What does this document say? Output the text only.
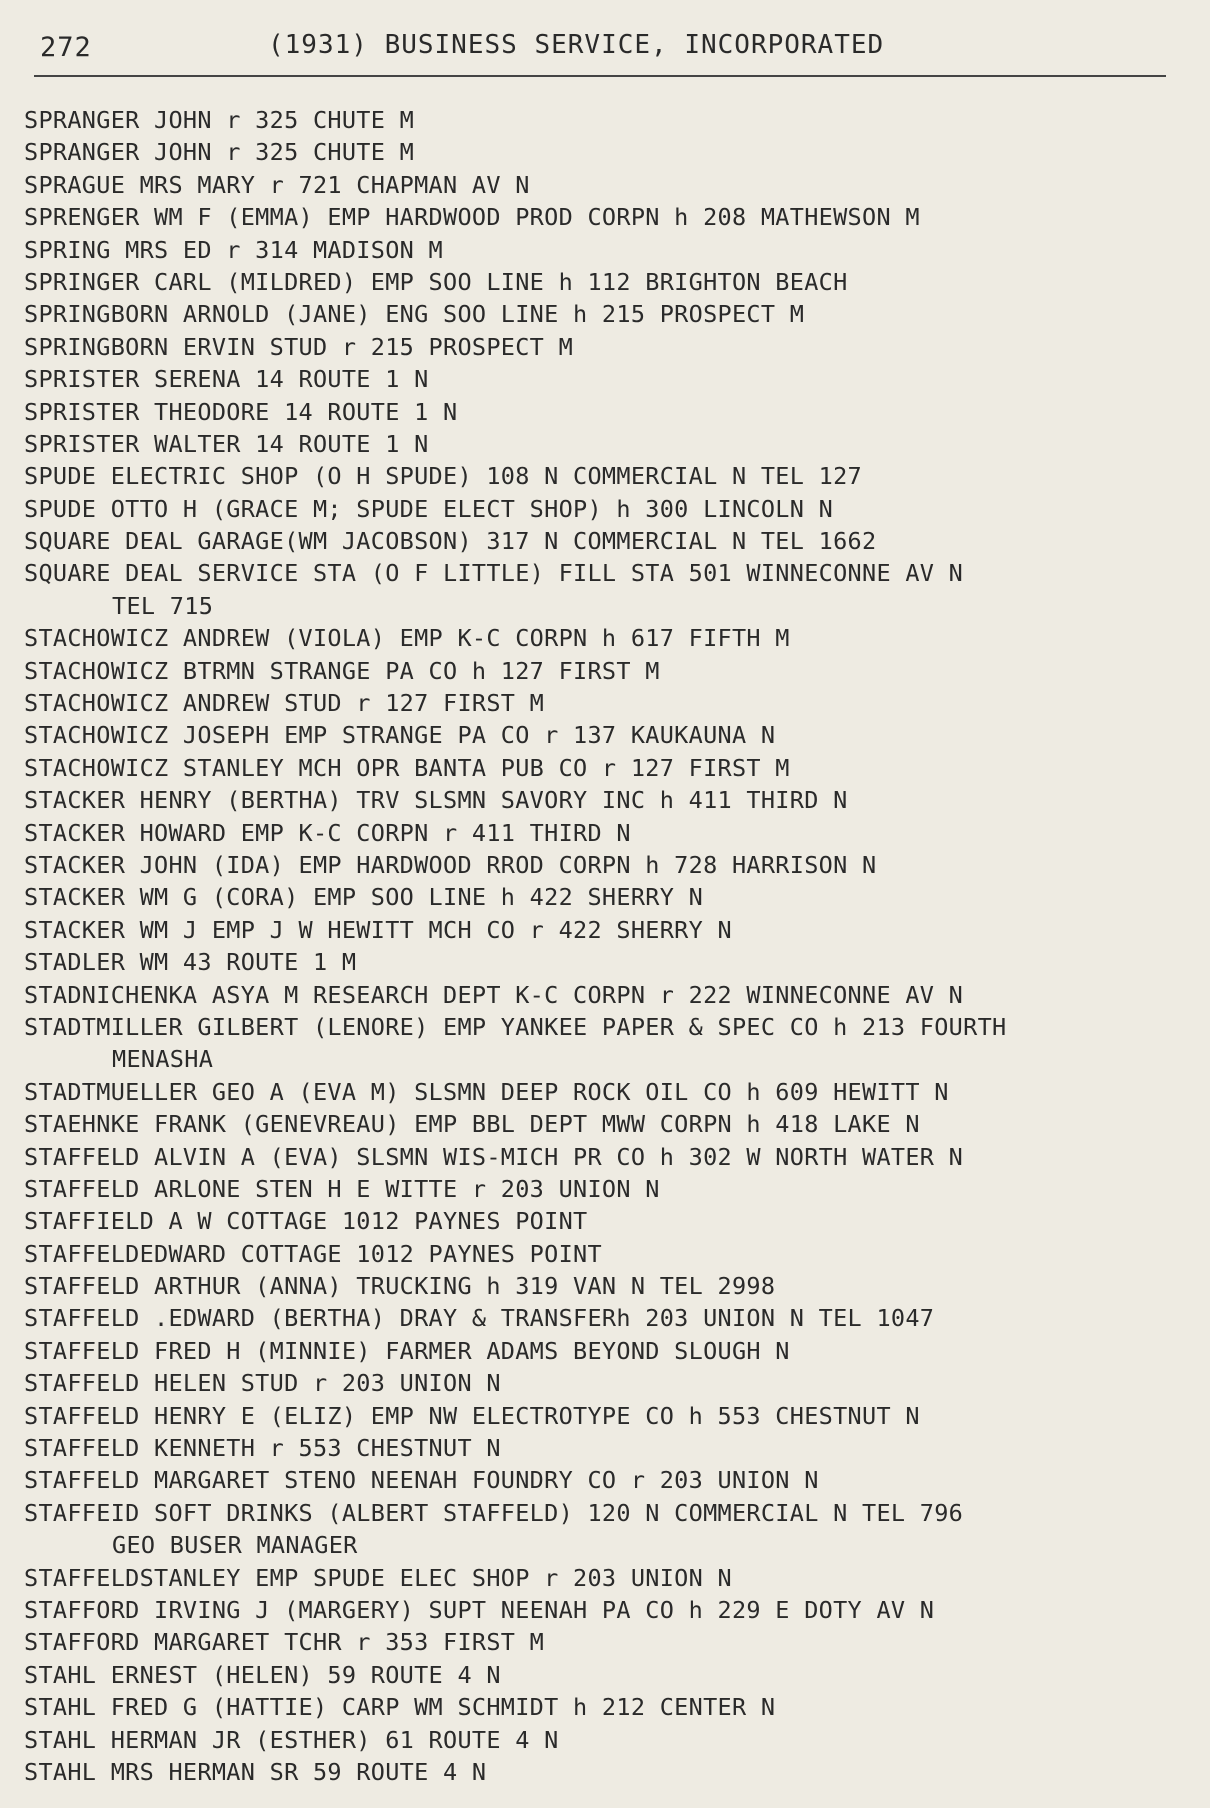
272	(1931) BUSINESS SERVICE, INCORPORATED
SPRANGER JOHN r 325 CHUTE M
SPRANGER JOHN r 325 CHUTE M
SPRAGUE MRS MARY r 721 CHAPMAN AV N
SPRENGER WM F (EMMA) EMP HARDWOOD PROD CORPN h 208 MATHEWSON M
SPRING MRS ED r 314 MADISON M
SPRINGER CARL (MILDRED) EMP SOO LINE h 112 BRIGHTON BEACH
SPRINGBORN ARNOLD (JANE) ENG SOO LINE h 215 PROSPECT M
SPRINGBORN ERVIN STUD r 215 PROSPECT M
SPRISTER SERENA 14 ROUTE 1 N
SPRISTER THEODORE 14 ROUTE 1 N
SPRISTER WALTER 14 ROUTE 1 N
SPUDE ELECTRIC SHOP (O H SPUDE) 108 N COMMERCIAL N TEL 127
SPUDE OTTO H (GRACE M; SPUDE ELECT SHOP) h 300 LINCOLN N
SQUARE DEAL GARAGE(WM JACOBSON) 317 N COMMERCIAL N TEL 1662
SQUARE DEAL SERVICE STA (O F LITTLE) FILL STA 501 WINNECONNE AV N
TEL 715
STACHOWICZ ANDREW (VIOLA) EMP K-C CORPN h 617 FIFTH M
STACHOWICZ BTRMN STRANGE PA CO h 127 FIRST M
STACHOWICZ ANDREW STUD r 127 FIRST M
STACHOWICZ JOSEPH EMP STRANGE PA CO r 137 KAUKAUNA N
STACHOWICZ STANLEY MCH OPR BANTA PUB CO r 127 FIRST M
STACKER HENRY (BERTHA) TRV SLSMN SAVORY INC h 411 THIRD N
STACKER HOWARD EMP K-C CORPN r 411 THIRD N
STACKER JOHN (IDA) EMP HARDWOOD RROD CORPN h 728 HARRISON N
STACKER WM G (CORA) EMP SOO LINE h 422 SHERRY N
STACKER WM J EMP J W HEWITT MCH CO r 422 SHERRY N
STADLER WM 43 ROUTE 1 M
STADNICHENKA ASYA M RESEARCH DEPT K-C CORPN r 222 WINNECONNE AV N
STADTMILLER GILBERT (LENORE) EMP YANKEE PAPER & SPEC CO h 213 FOURTH
MENASHA
STADTMUELLER GEO A (EVA M) SLSMN DEEP ROCK OIL CO h 609 HEWITT N
STAEHNKE FRANK (GENEVREAU) EMP BBL DEPT MWW CORPN h 418 LAKE N
STAFFELD ALVIN A (EVA) SLSMN WIS-MICH PR CO h 302 W NORTH WATER N
STAFFELD ARLONE STEN H E WITTE r 203 UNION N
STAFFIELD A W COTTAGE 1012 PAYNES POINT
STAFFELDEDWARD COTTAGE 1012 PAYNES POINT
STAFFELD ARTHUR (ANNA) TRUCKING h 319 VAN N TEL 2998
STAFFELD .EDWARD (BERTHA) DRAY & TRANSFERh 203 UNION N TEL 1047
STAFFELD FRED H (MINNIE) FARMER ADAMS BEYOND SLOUGH N
STAFFELD HELEN STUD r 203 UNION N
STAFFELD HENRY E (ELIZ) EMP NW ELECTROTYPE CO h 553 CHESTNUT N
STAFFELD KENNETH r 553 CHESTNUT N
STAFFELD MARGARET STENO NEENAH FOUNDRY CO r 203 UNION N
STAFFEID SOFT DRINKS (ALBERT STAFFELD) 120 N COMMERCIAL N TEL 796
GEO BUSER MANAGER
STAFFELDSTANLEY EMP SPUDE ELEC SHOP r 203 UNION N
STAFFORD IRVING J (MARGERY) SUPT NEENAH PA CO h 229 E DOTY AV N
STAFFORD MARGARET TCHR r 353 FIRST M
STAHL ERNEST (HELEN) 59 ROUTE 4 N
STAHL FRED G (HATTIE) CARP WM SCHMIDT h 212 CENTER N
STAHL HERMAN JR (ESTHER) 61 ROUTE 4 N
STAHL MRS HERMAN SR 59 ROUTE 4 N
